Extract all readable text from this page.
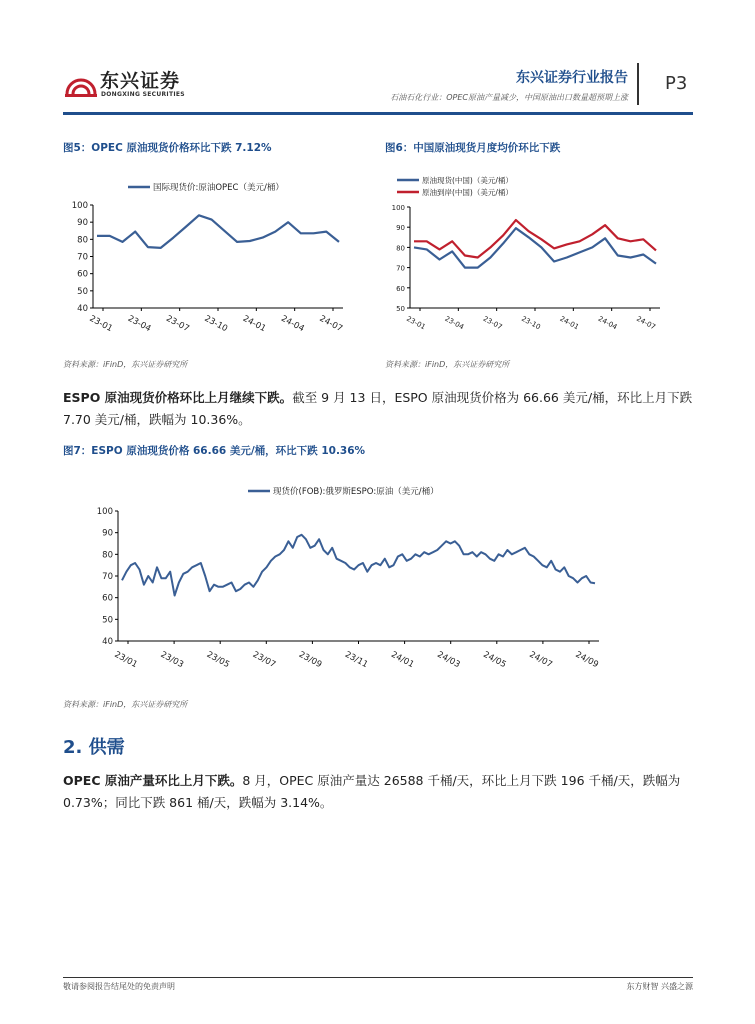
东兴证券
DONGXING SECURITIES
东兴证券行业报告
石油石化行业：OPEC原油产量减少，中国原油出口数量超预期上涨
P3
图5：OPEC 原油现货价格环比下跌 7.12%
100
90
80
70
60
50
40
23-01 23-04 23-07 23-10 24-01 24-04 24-07
国际现货价:原油OPEC（美元/桶）
资料来源：iFinD，东兴证券研究所
图6：中国原油现货月度均价环比下跌
100
90
80
70
60
50
23-01 23-04 23-07 23-10 24-01 24-04 24-07
原油现货(中国)（美元/桶）
原油到岸(中国)（美元/桶）
资料来源：iFinD，东兴证券研究所
ESPO 原油现货价格环比上月继续下跌。截至 9 月 13 日，ESPO 原油现货价格为 66.66 美元/桶，环比上月下跌 7.70 美元/桶，跌幅为 10.36%。
图7：ESPO 原油现货价格 66.66 美元/桶，环比下跌 10.36%
100
90
80
70
60
50
40
23/01 23/03 23/05 23/07 23/09 23/11 24/01 24/03 24/05 24/07 24/09
现货价(FOB):俄罗斯ESPO:原油（美元/桶）
资料来源：iFinD，东兴证券研究所
2. 供需
OPEC 原油产量环比上月下跌。8 月，OPEC 原油产量达 26588 千桶/天，环比上月下跌 196 千桶/天，跌幅为 0.73%；同比下跌 861 桶/天，跌幅为 3.14%。
敬请参阅报告结尾处的免责声明	东方财智 兴盛之源
